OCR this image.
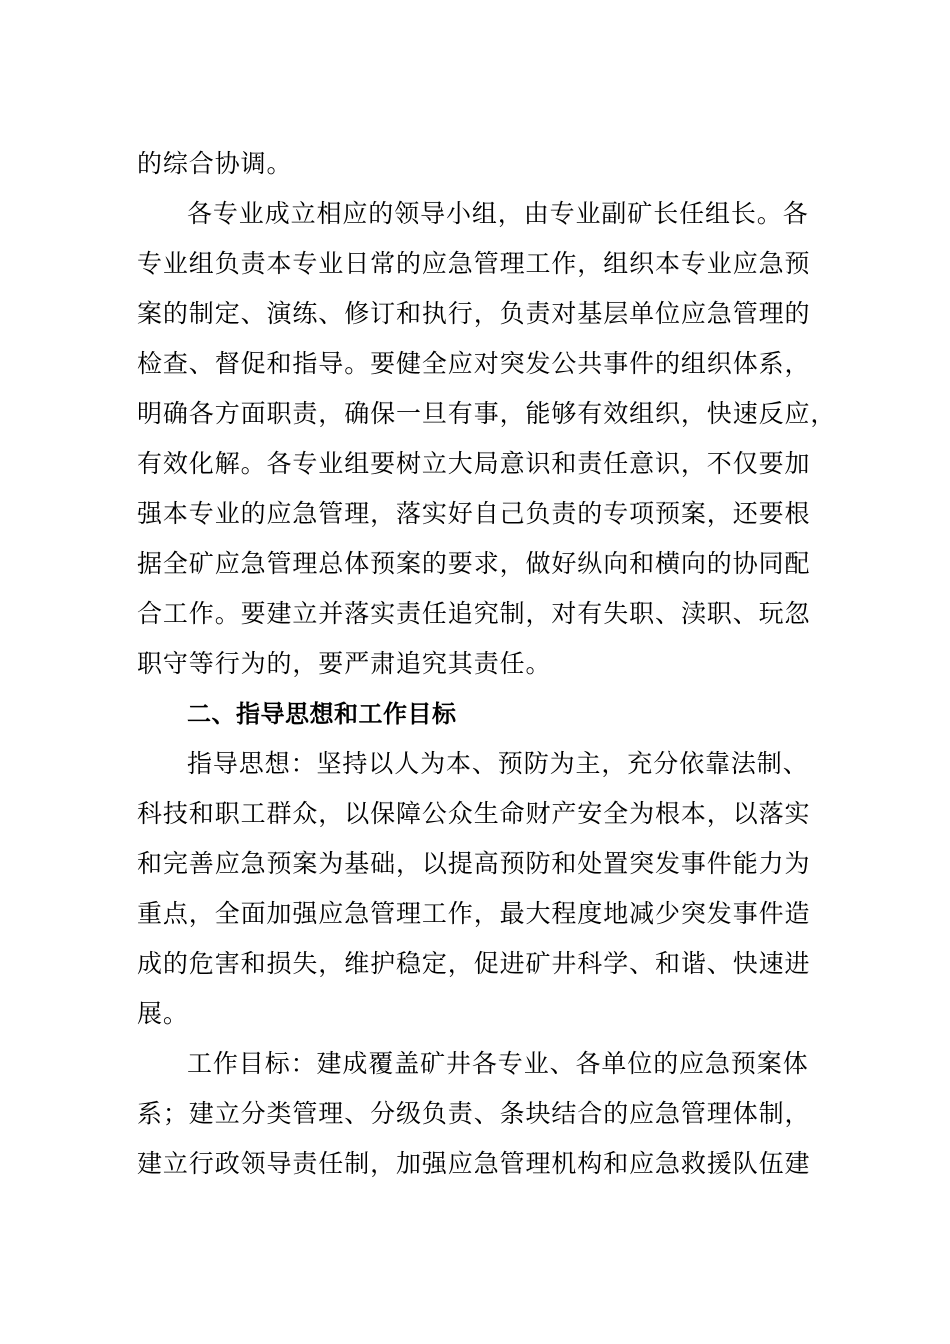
的综合协调。
各专业成立相应的领导小组，由专业副矿长任组长。各
专业组负责本专业日常的应急管理工作，组织本专业应急预
案的制定、演练、修订和执行，负责对基层单位应急管理的
检查、督促和指导。要健全应对突发公共事件的组织体系，
明确各方面职责，确保一旦有事，能够有效组织，快速反应，
有效化解。各专业组要树立大局意识和责任意识，不仅要加
强本专业的应急管理，落实好自己负责的专项预案，还要根
据全矿应急管理总体预案的要求，做好纵向和横向的协同配
合工作。要建立并落实责任追究制，对有失职、渎职、玩忽
职守等行为的，要严肃追究其责任。
二、指导思想和工作目标
指导思想：坚持以人为本、预防为主，充分依靠法制、
科技和职工群众，以保障公众生命财产安全为根本，以落实
和完善应急预案为基础，以提高预防和处置突发事件能力为
重点，全面加强应急管理工作，最大程度地减少突发事件造
成的危害和损失，维护稳定，促进矿井科学、和谐、快速进
展。
工作目标：建成覆盖矿井各专业、各单位的应急预案体
系；建立分类管理、分级负责、条块结合的应急管理体制，
建立行政领导责任制，加强应急管理机构和应急救援队伍建
